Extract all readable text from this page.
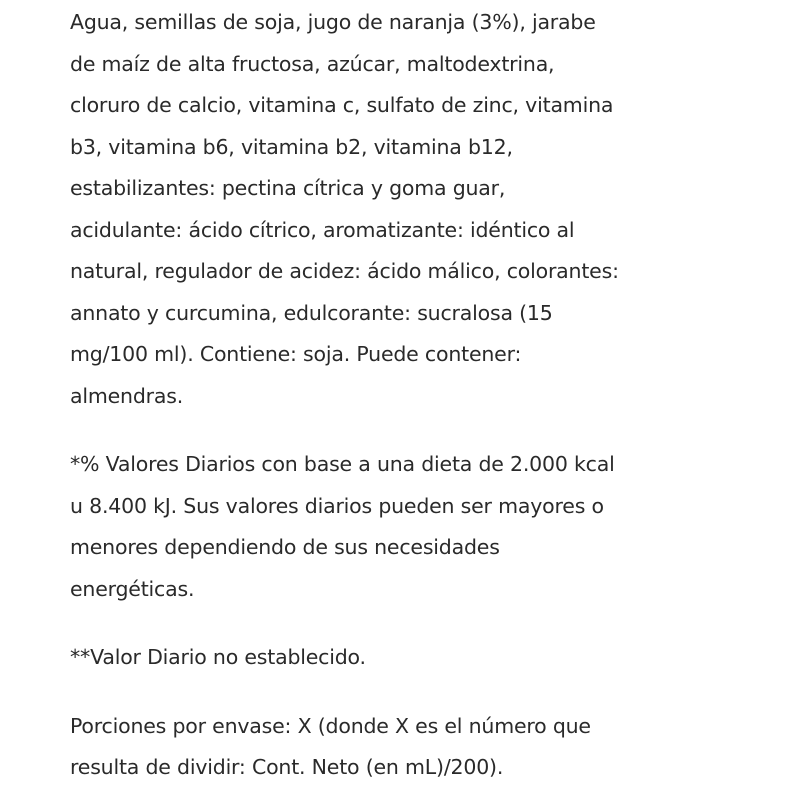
Agua, semillas de soja, jugo de naranja (3%), jarabe
de maíz de alta fructosa, azúcar, maltodextrina,
cloruro de calcio, vitamina c, sulfato de zinc, vitamina
b3, vitamina b6, vitamina b2, vitamina b12,
estabilizantes: pectina cítrica y goma guar,
acidulante: ácido cítrico, aromatizante: idéntico al
natural, regulador de acidez: ácido málico, colorantes:
annato y curcumina, edulcorante: sucralosa (15
mg/100 ml). Contiene: soja. Puede contener:
almendras.

*% Valores Diarios con base a una dieta de 2.000 kcal
u 8.400 kJ. Sus valores diarios pueden ser mayores o
menores dependiendo de sus necesidades
energéticas.

**Valor Diario no establecido.

Porciones por envase: X (donde X es el número que
resulta de dividir: Cont. Neto (en mL)/200).
